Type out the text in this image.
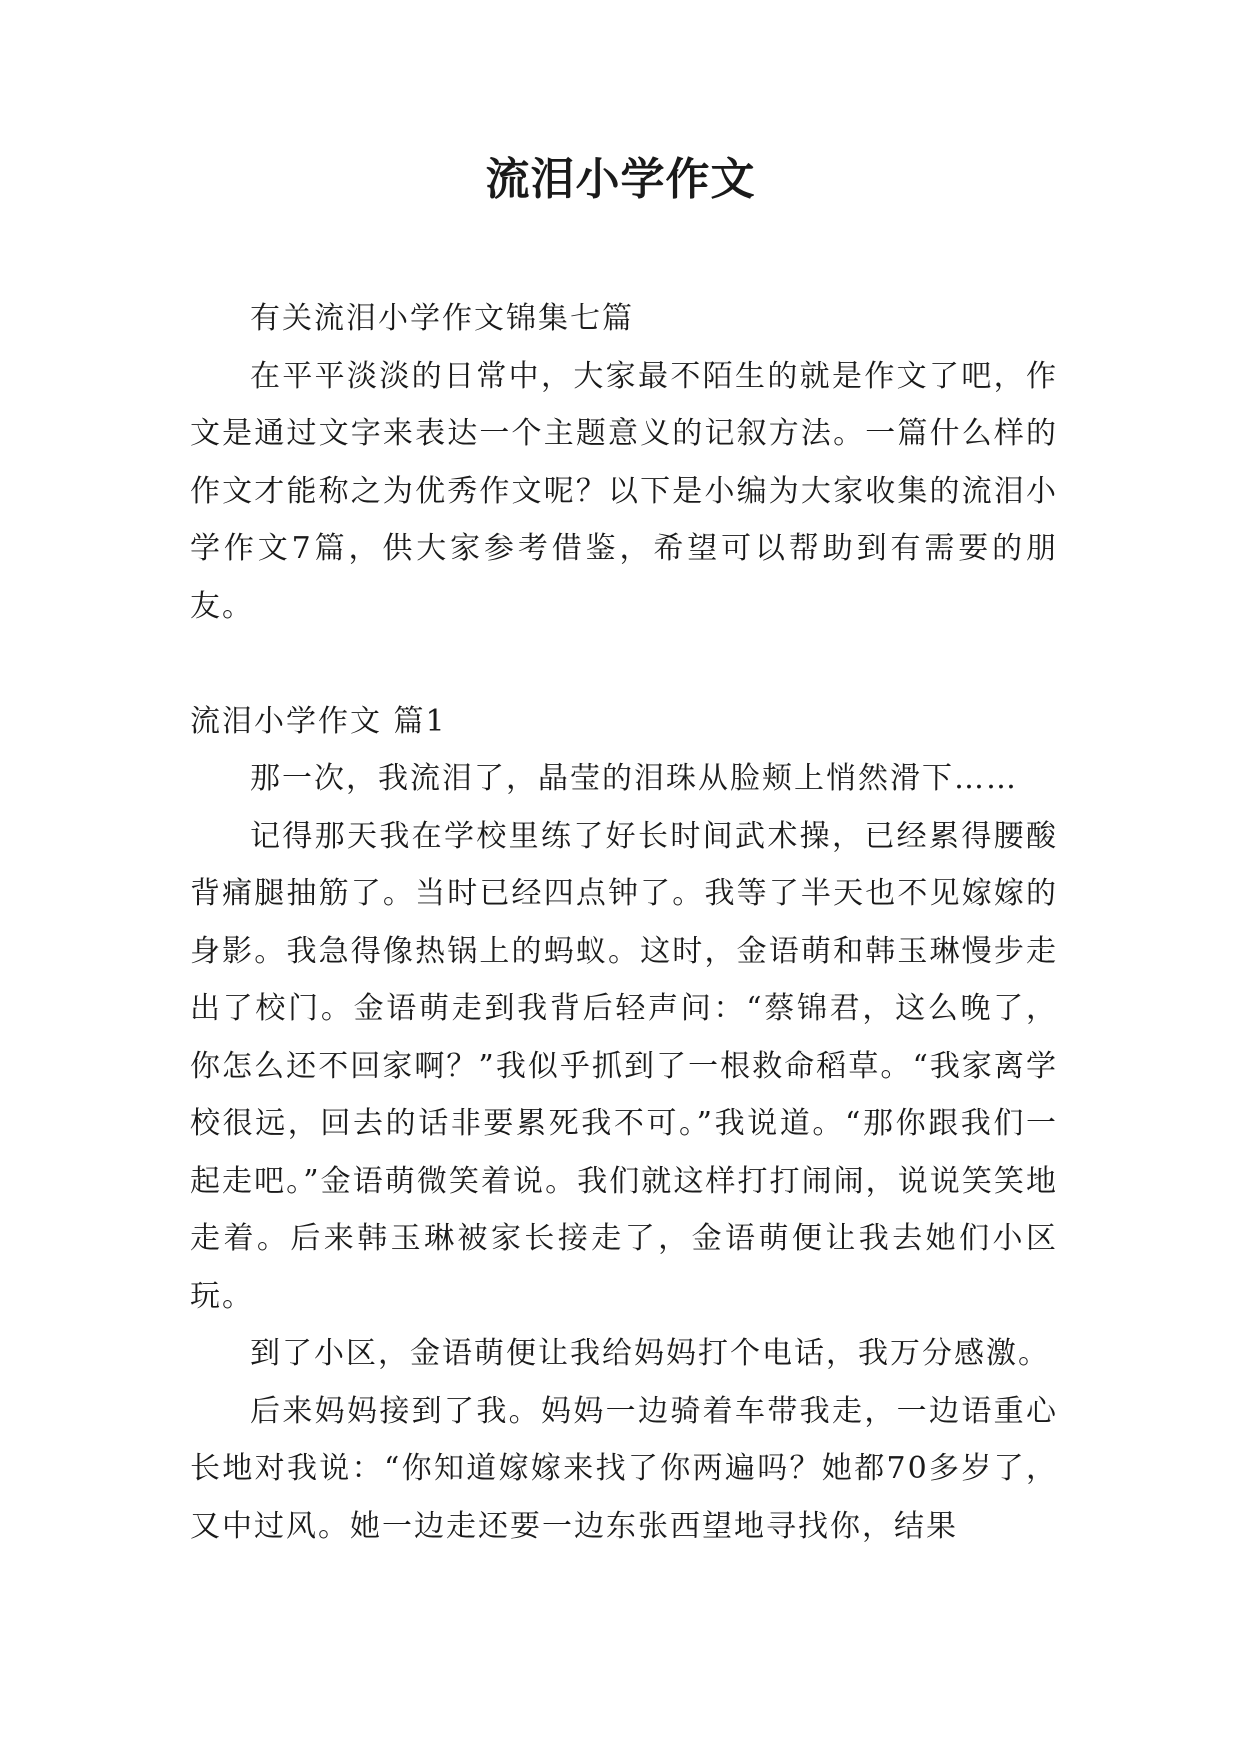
流泪小学作文

有关流泪小学作文锦集七篇

在平平淡淡的日常中，大家最不陌生的就是作文了吧，作文是通过文字来表达一个主题意义的记叙方法。一篇什么样的作文才能称之为优秀作文呢？以下是小编为大家收集的流泪小学作文7篇，供大家参考借鉴，希望可以帮助到有需要的朋友。

流泪小学作文 篇1

那一次，我流泪了，晶莹的泪珠从脸颊上悄然滑下……

记得那天我在学校里练了好长时间武术操，已经累得腰酸背痛腿抽筋了。当时已经四点钟了。我等了半天也不见嫁嫁的身影。我急得像热锅上的蚂蚁。这时，金语萌和韩玉琳慢步走出了校门。金语萌走到我背后轻声问：“蔡锦君，这么晚了，你怎么还不回家啊？”我似乎抓到了一根救命稻草。“我家离学校很远，回去的话非要累死我不可。”我说道。“那你跟我们一起走吧。”金语萌微笑着说。我们就这样打打闹闹，说说笑笑地走着。后来韩玉琳被家长接走了，金语萌便让我去她们小区玩。

到了小区，金语萌便让我给妈妈打个电话，我万分感激。

后来妈妈接到了我。妈妈一边骑着车带我走，一边语重心长地对我说：“你知道嫁嫁来找了你两遍吗？她都70多岁了，又中过风。她一边走还要一边东张西望地寻找你，结果
